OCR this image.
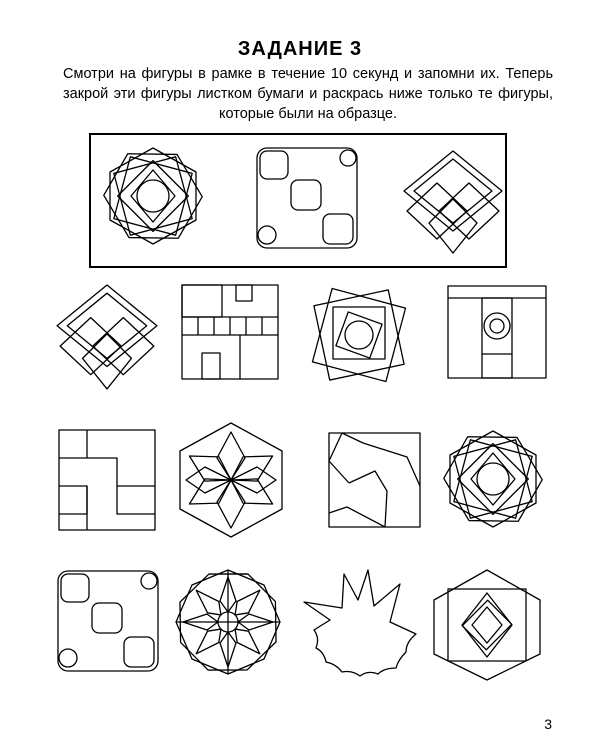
ЗАДАНИЕ 3
Смотри на фигуры в рамке в течение 10 секунд и запомни их. Теперь закрой эти фигуры листком бумаги и раскрась ниже только те фигуры, которые были на образце.
3
